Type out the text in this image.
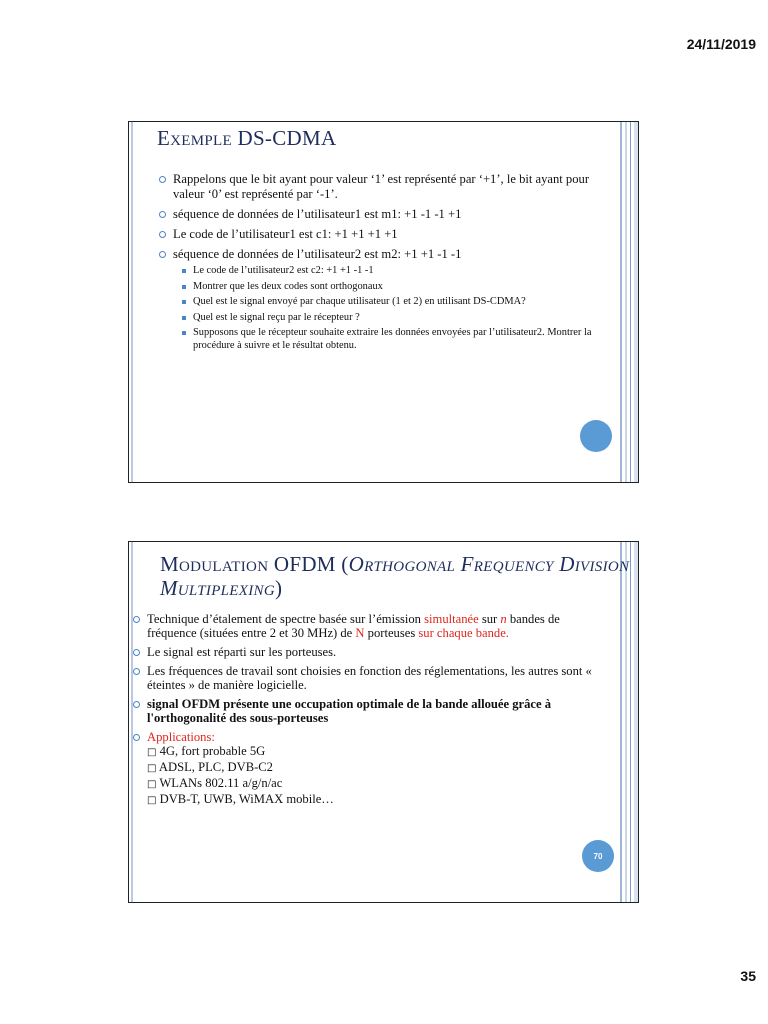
24/11/2019
Exemple DS-CDMA
Rappelons que le bit ayant pour valeur ‘1’ est représenté par ‘+1’, le bit ayant pour valeur ‘0’ est représenté par ‘-1’.
séquence de données de l’utilisateur1 est m1: +1 -1 -1 +1
Le code de l’utilisateur1 est c1: +1 +1 +1 +1
séquence de données de l’utilisateur2 est m2: +1 +1 -1 -1
Le code de l’utilisateur2 est c2: +1 +1 -1 -1
Montrer que les deux codes sont orthogonaux
Quel est le signal envoyé par chaque utilisateur (1 et 2) en utilisant DS-CDMA?
Quel est le signal reçu par le récepteur ?
Supposons que le récepteur souhaite extraire les données envoyées par l’utilisateur2. Montrer la procédure à suivre et le résultat obtenu.
Modulation OFDM (Orthogonal Frequency Division Multiplexing)
Technique d’étalement de spectre basée sur l’émission simultanée sur n bandes de fréquence (situées entre 2 et 30 MHz) de N porteuses sur chaque bande.
Le signal est réparti sur les porteuses.
Les fréquences de travail sont choisies en fonction des réglementations, les autres sont « éteintes » de manière logicielle.
signal OFDM présente une occupation optimale de la bande allouée grâce à l'orthogonalité des sous-porteuses
Applications:
□ 4G, fort probable 5G
□ ADSL, PLC, DVB-C2
□ WLANs 802.11 a/g/n/ac
□ DVB-T, UWB, WiMAX mobile…
70
35
